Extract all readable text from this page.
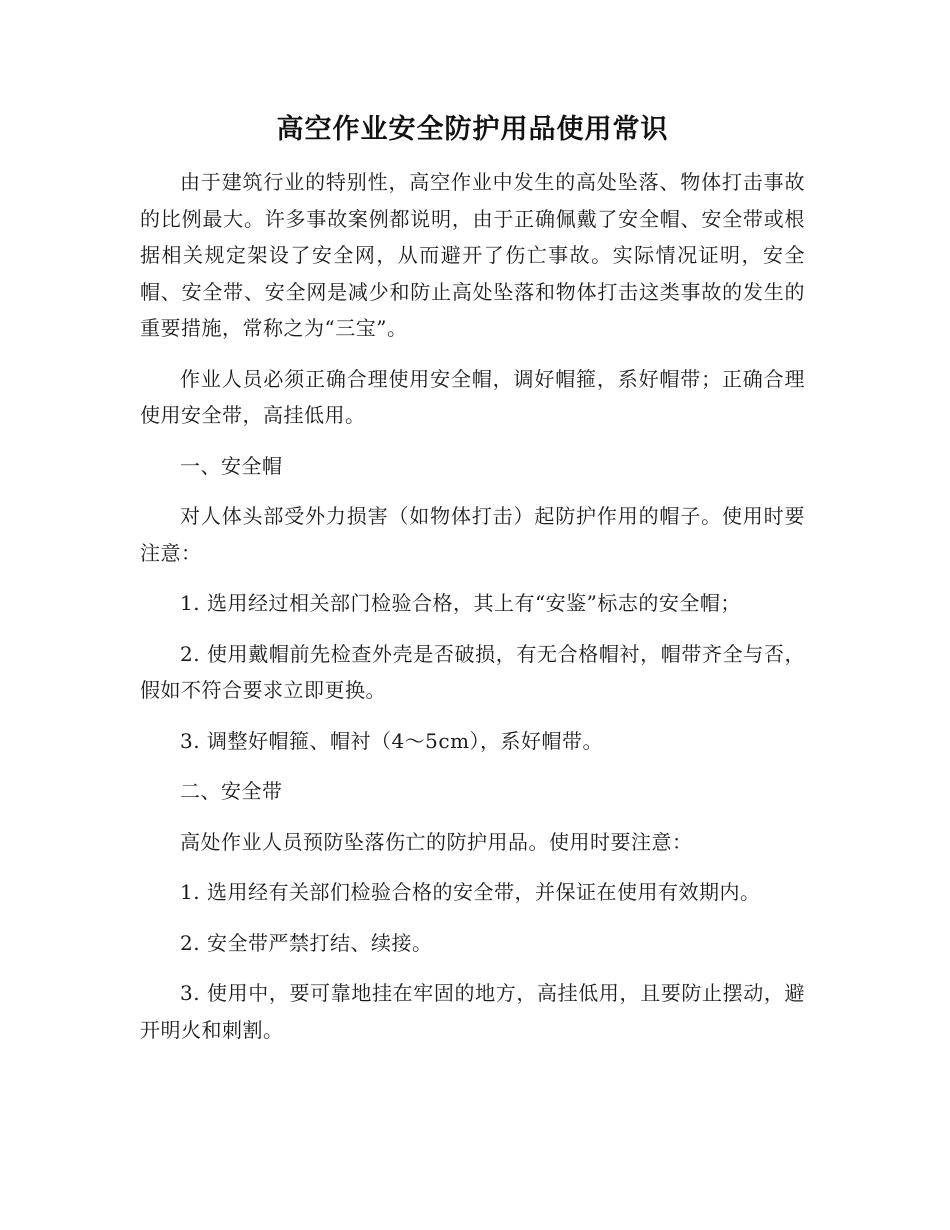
高空作业安全防护用品使用常识

由于建筑行业的特别性，高空作业中发生的高处坠落、物体打击事故的比例最大。许多事故案例都说明，由于正确佩戴了安全帽、安全带或根据相关规定架设了安全网，从而避开了伤亡事故。实际情况证明，安全帽、安全带、安全网是减少和防止高处坠落和物体打击这类事故的发生的重要措施，常称之为“三宝”。

作业人员必须正确合理使用安全帽，调好帽箍，系好帽带；正确合理使用安全带，高挂低用。

一、安全帽

对人体头部受外力损害（如物体打击）起防护作用的帽子。使用时要注意：

1. 选用经过相关部门检验合格，其上有“安鉴”标志的安全帽；

2. 使用戴帽前先检查外壳是否破损，有无合格帽衬，帽带齐全与否，假如不符合要求立即更换。

3. 调整好帽箍、帽衬（4～5cm），系好帽带。

二、安全带

高处作业人员预防坠落伤亡的防护用品。使用时要注意：

1. 选用经有关部们检验合格的安全带，并保证在使用有效期内。

2. 安全带严禁打结、续接。

3. 使用中，要可靠地挂在牢固的地方，高挂低用，且要防止摆动，避开明火和刺割。
